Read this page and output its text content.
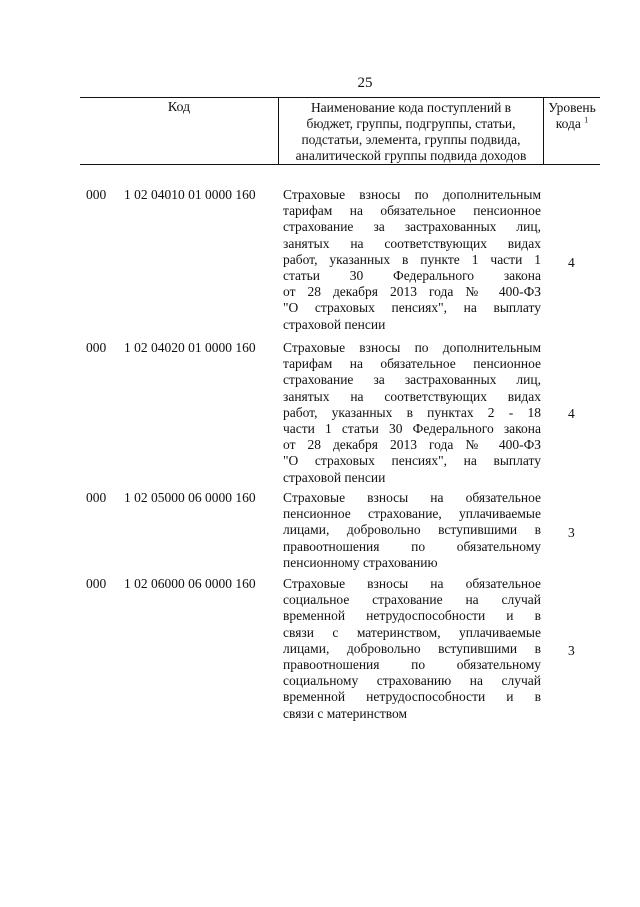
25
Код	Наименование кода поступлений в
бюджет, группы, подгруппы, статьи,
подстатьи, элемента, группы подвида,
аналитической группы подвида доходов
Уровень
кода $^1$
000 1 02 04010 01 0000 160 Страховые взносы по дополнительным
тарифам на обязательное пенсионное
страхование за застрахованных лиц,
занятых на соответствующих видах
работ, указанных в пункте 1 части 1
статьи 30 Федерального закона
от 28 декабря 2013 года № 400-ФЗ
"О страховых пенсиях", на выплату
страховой пенсии
4
000 1 02 04020 01 0000 160 Страховые взносы по дополнительным
тарифам на обязательное пенсионное
страхование за застрахованных лиц,
занятых на соответствующих видах
работ, указанных в пунктах 2 - 18
части 1 статьи 30 Федерального закона
от 28 декабря 2013 года № 400-ФЗ
"О страховых пенсиях", на выплату
страховой пенсии
4
000 1 02 05000 06 0000 160 Страховые взносы на обязательное
пенсионное страхование, уплачиваемые
лицами, добровольно вступившими в
правоотношения по обязательному
пенсионному страхованию
3
000 1 02 06000 06 0000 160 Страховые взносы на обязательное
социальное страхование на случай
временной нетрудоспособности и в
связи с материнством, уплачиваемые
лицами, добровольно вступившими в
правоотношения по обязательному
социальному страхованию на случай
временной нетрудоспособности и в
связи с материнством
3
